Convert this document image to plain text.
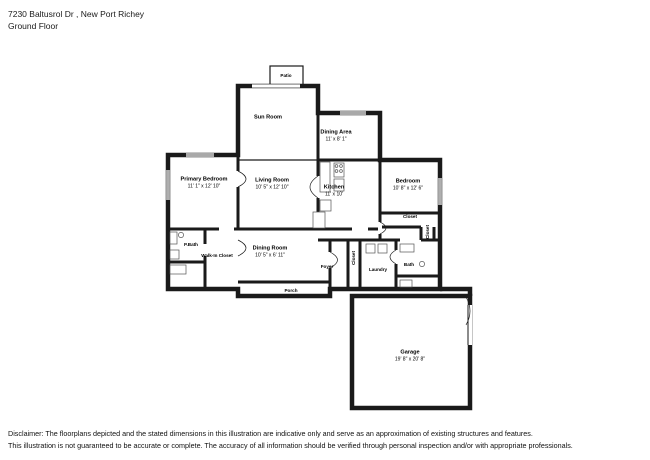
7230 Baltusrol Dr , New Port Richey
Ground Floor
Patio
Sun Room
Dining Area
11' x 8' 1"
Primary Bedroom
11' 1" x 12' 10"
Living Room
10' 5" x 12' 10"	Kitchen
11' x 10'
Bedroom
10' 8" x 12' 6"
Closet
P.Bath
Walk-In Closet
Dining Room
10' 5" x 6' 11"
Foyer
Closet
Laundry
Bath
Closet
Porch
Garage
19' 8" x 20' 8"
Disclaimer: The floorplans depicted and the stated dimensions in this illustration are indicative only and serve as an approximation of existing structures and features.
This illustration is not guaranteed to be accurate or complete. The accuracy of all information should be verified through personal inspection and/or with appropriate professionals.
